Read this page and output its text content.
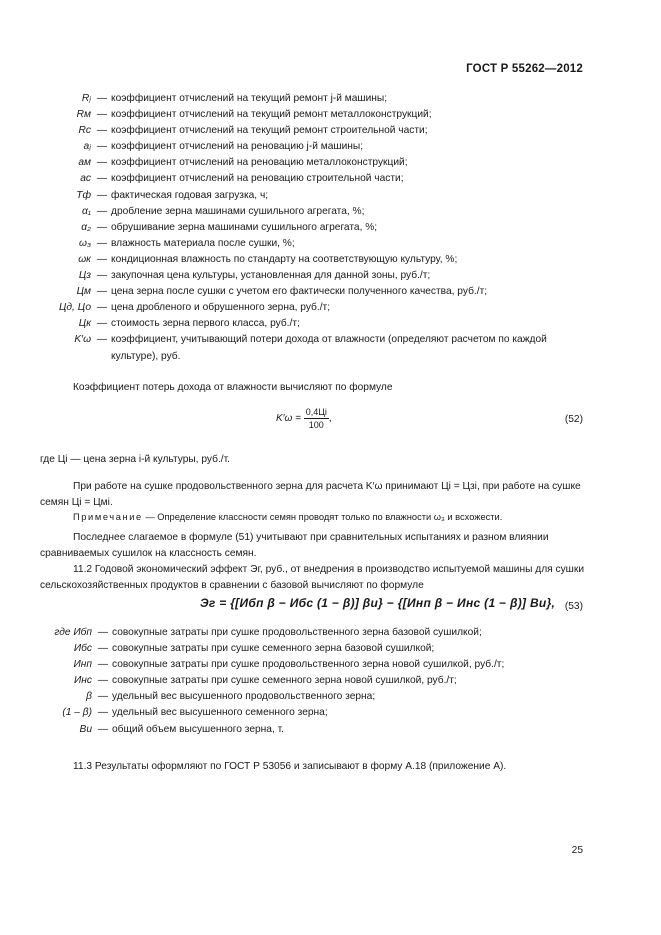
ГОСТ Р 55262—2012
Rⱼ — коэффициент отчислений на текущий ремонт j-й машины;
Rм — коэффициент отчислений на текущий ремонт металлоконструкций;
Rс — коэффициент отчислений на текущий ремонт строительной части;
aⱼ — коэффициент отчислений на реновацию j-й машины;
aм — коэффициент отчислений на реновацию металлоконструкций;
aс — коэффициент отчислений на реновацию строительной части;
Tф — фактическая годовая загрузка, ч;
α₁ — дробление зерна машинами сушильного агрегата, %;
α₂ — обрушивание зерна машинами сушильного агрегата, %;
ω₃ — влажность материала после сушки, %;
ωк — кондиционная влажность по стандарту на соответствующую культуру, %;
Цз — закупочная цена культуры, установленная для данной зоны, руб./т;
Цм — цена зерна после сушки с учетом его фактически полученного качества, руб./т;
Цд, Цо — цена дробленого и обрушенного зерна, руб./т;
Цк — стоимость зерна первого класса, руб./т;
K′ω — коэффициент, учитывающий потери дохода от влажности (определяют расчетом по каждой культуре), руб.
Коэффициент потерь дохода от влажности вычисляют по формуле
$K'\omega = \frac{0,4Цi}{100}$ ,	(52)
где Цi — цена зерна i-й культуры, руб./т.
При работе на сушке продовольственного зерна для расчета K′ω принимают Цi = Цзi, при работе на сушке семян Цi = Цмi.
Примечание — Определение классности семян проводят только по влажности ω₃ и всхожести.
Последнее слагаемое в формуле (51) учитывают при сравнительных испытаниях и разном влиянии сравниваемых сушилок на классность семян.
11.2 Годовой экономический эффект Эг, руб., от внедрения в производство испытуемой машины для сушки сельскохозяйственных продуктов в сравнении с базовой вычисляют по формуле
Эг = {[Ибп β − Ибс (1 − β)] βи} − {[Инп β − Инс (1 − β)] Ви}, (53)
где Ибп — совокупные затраты при сушке продовольственного зерна базовой сушилкой;
Ибс — совокупные затраты при сушке семенного зерна базовой сушилкой;
Инп — совокупные затраты при сушке продовольственного зерна новой сушилкой, руб./т;
Инс — совокупные затраты при сушке семенного зерна новой сушилкой, руб./т;
β — удельный вес высушенного продовольственного зерна;
(1 – β) — удельный вес высушенного семенного зерна;
Ви — общий объем высушенного зерна, т.
11.3 Результаты оформляют по ГОСТ Р 53056 и записывают в форму А.18 (приложение А).
25
